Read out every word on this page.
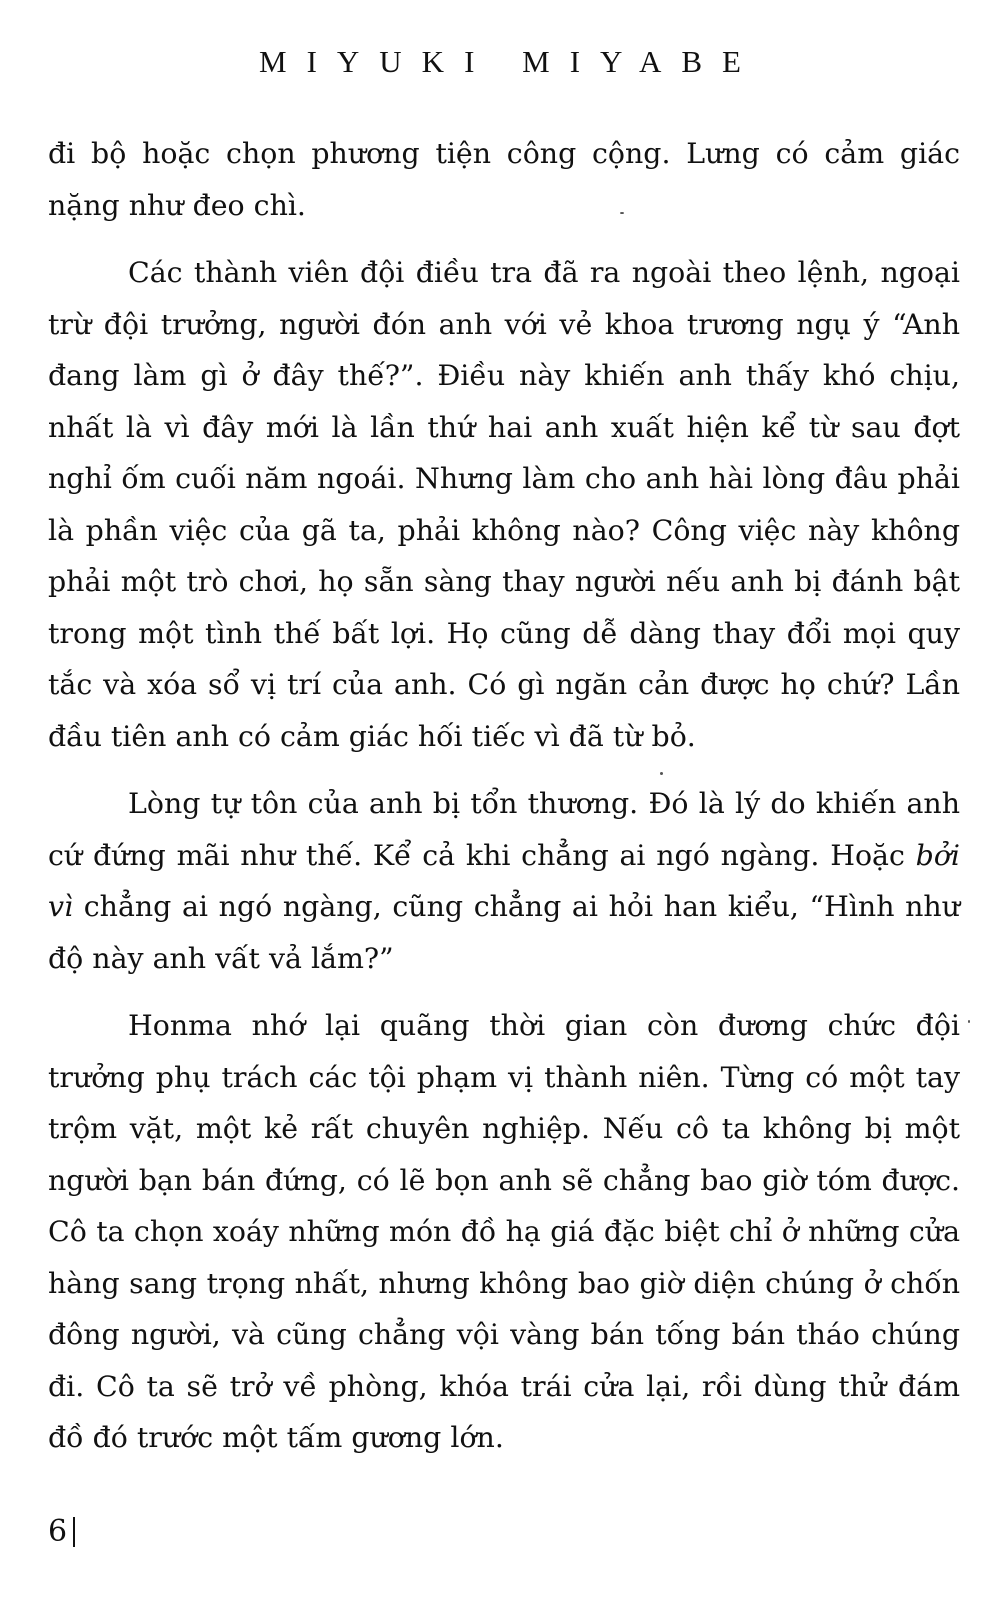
MIYUKI MIYABE

đi bộ hoặc chọn phương tiện công cộng. Lưng có cảm giác nặng như đeo chì.

Các thành viên đội điều tra đã ra ngoài theo lệnh, ngoại trừ đội trưởng, người đón anh với vẻ khoa trương ngụ ý “Anh đang làm gì ở đây thế?”. Điều này khiến anh thấy khó chịu, nhất là vì đây mới là lần thứ hai anh xuất hiện kể từ sau đợt nghỉ ốm cuối năm ngoái. Nhưng làm cho anh hài lòng đâu phải là phần việc của gã ta, phải không nào? Công việc này không phải một trò chơi, họ sẵn sàng thay người nếu anh bị đánh bật trong một tình thế bất lợi. Họ cũng dễ dàng thay đổi mọi quy tắc và xóa sổ vị trí của anh. Có gì ngăn cản được họ chứ? Lần đầu tiên anh có cảm giác hối tiếc vì đã từ bỏ.

Lòng tự tôn của anh bị tổn thương. Đó là lý do khiến anh cứ đứng mãi như thế. Kể cả khi chẳng ai ngó ngàng. Hoặc bởi vì chẳng ai ngó ngàng, cũng chẳng ai hỏi han kiểu, “Hình như độ này anh vất vả lắm?”

Honma nhớ lại quãng thời gian còn đương chức đội trưởng phụ trách các tội phạm vị thành niên. Từng có một tay trộm vặt, một kẻ rất chuyên nghiệp. Nếu cô ta không bị một người bạn bán đứng, có lẽ bọn anh sẽ chẳng bao giờ tóm được. Cô ta chọn xoáy những món đồ hạ giá đặc biệt chỉ ở những cửa hàng sang trọng nhất, nhưng không bao giờ diện chúng ở chốn đông người, và cũng chẳng vội vàng bán tống bán tháo chúng đi. Cô ta sẽ trở về phòng, khóa trái cửa lại, rồi dùng thử đám đồ đó trước một tấm gương lớn.

6
